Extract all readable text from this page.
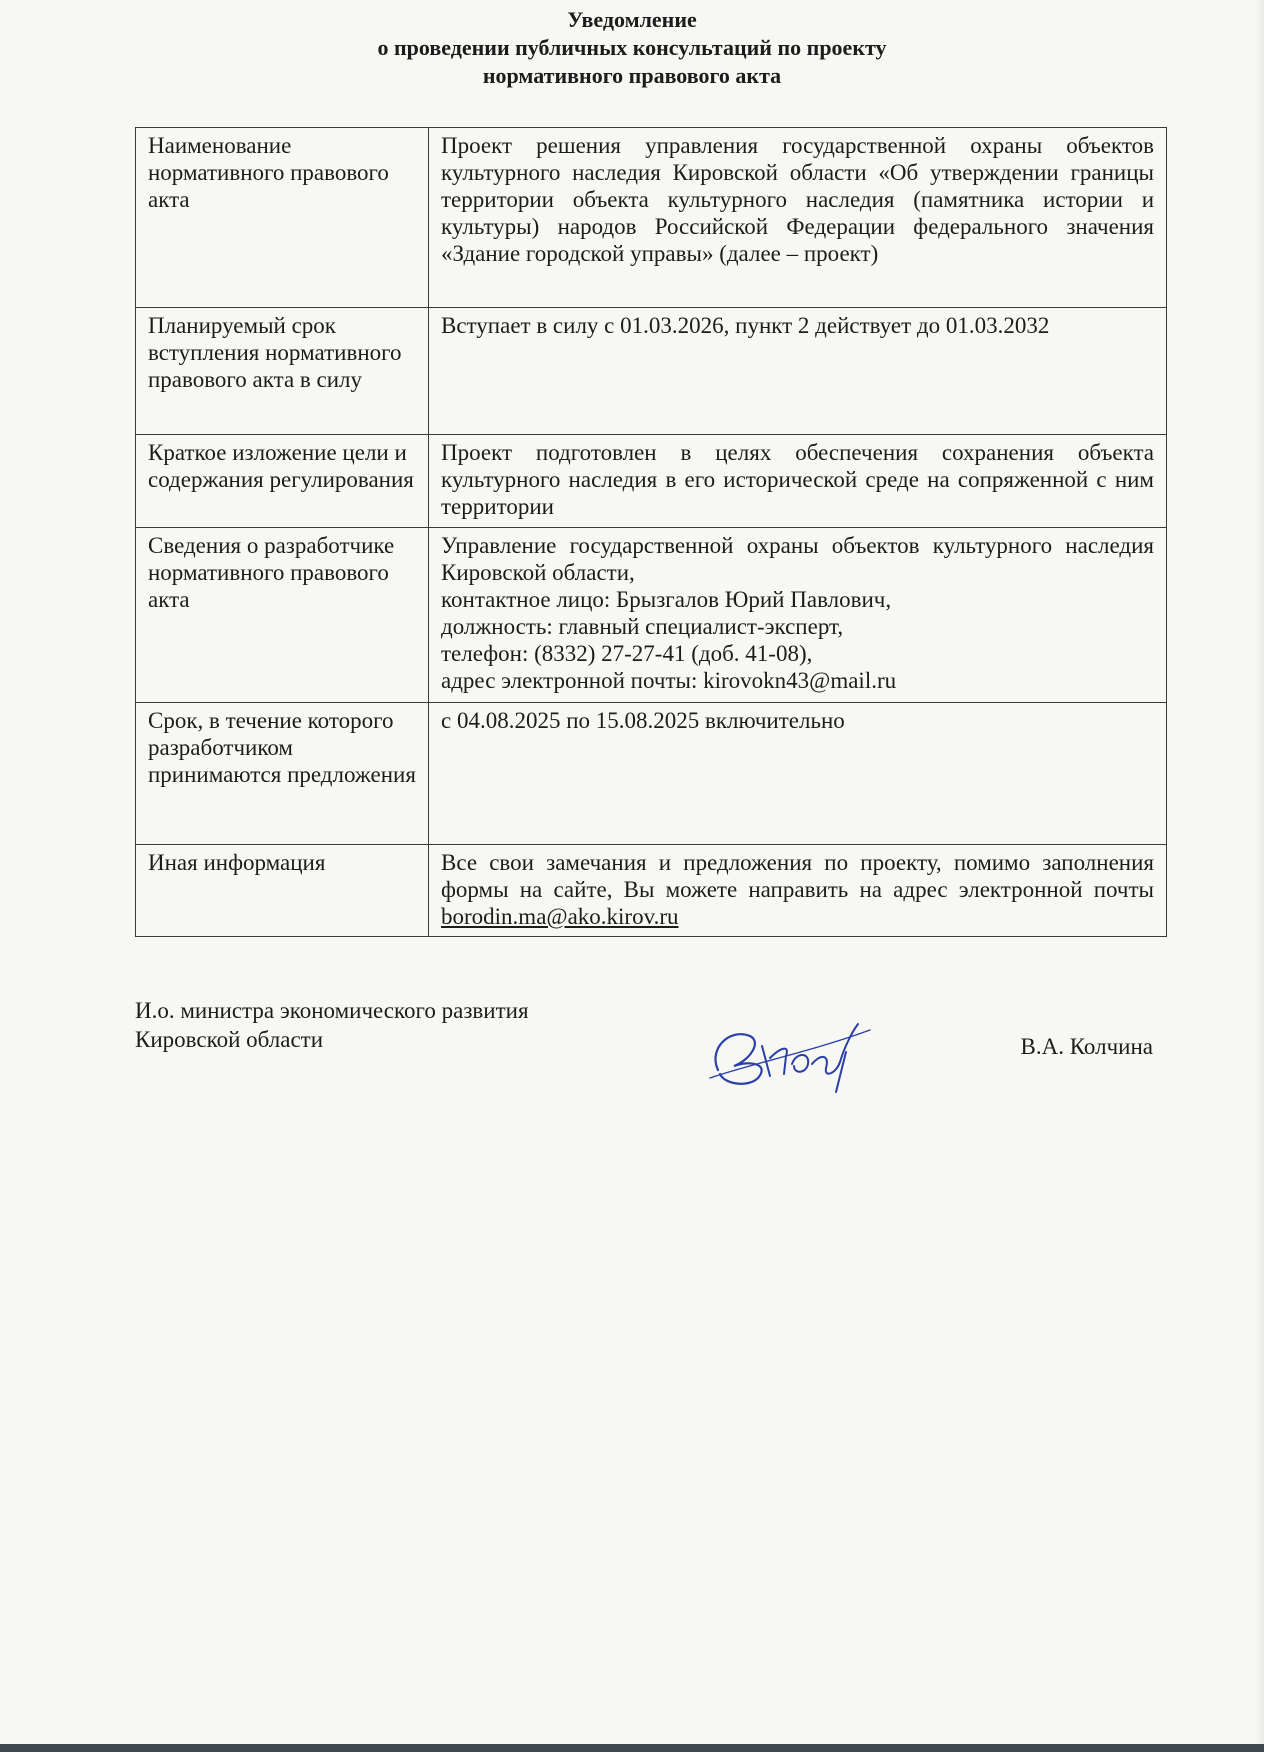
Уведомление
о проведении публичных консультаций по проекту
нормативного правового акта
Наименование нормативного правового акта	Проект решения управления государственной охраны объектов культурного наследия Кировской области «Об утверждении границы территории объекта культурного наследия (памятника истории и культуры) народов Российской Федерации федерального значения «Здание городской управы» (далее – проект)
Планируемый срок вступления нормативного правового акта в силу	Вступает в силу с 01.03.2026, пункт 2 действует до 01.03.2032
Краткое изложение цели и содержания регулирования	Проект подготовлен в целях обеспечения сохранения объекта культурного наследия в его исторической среде на сопряженной с ним территории
Сведения о разработчике нормативного правового акта	Управление государственной охраны объектов культурного наследия Кировской области,
контактное лицо: Брызгалов Юрий Павлович,
должность: главный специалист-эксперт,
телефон: (8332) 27-27-41 (доб. 41-08),
адрес электронной почты: kirovokn43@mail.ru

Срок, в течение которого разработчиком принимаются предложения	с 04.08.2025 по 15.08.2025 включительно
Иная информация	Все свои замечания и предложения по проекту, помимо заполнения формы на сайте, Вы можете направить на адрес электронной почты borodin.ma@ako.kirov.ru
И.о. министра экономического развития
Кировской области	В.А. Колчина
